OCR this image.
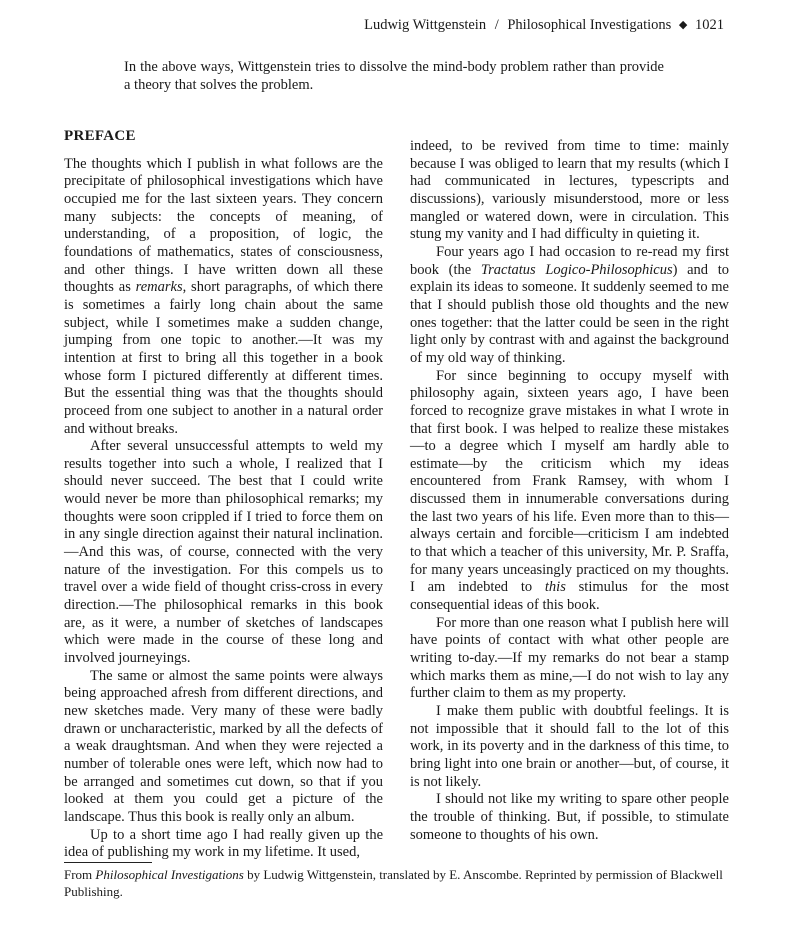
Ludwig Wittgenstein / Philosophical Investigations ◆ 1021

In the above ways, Wittgenstein tries to dissolve the mind-body problem rather than provide a theory that solves the problem.

PREFACE

The thoughts which I publish in what follows are the precipitate of philosophical investigations which have occupied me for the last sixteen years. They concern many subjects: the concepts of meaning, of understanding, of a proposition, of logic, the foundations of mathematics, states of consciousness, and other things. I have written down all these thoughts as remarks, short paragraphs, of which there is sometimes a fairly long chain about the same subject, while I sometimes make a sudden change, jumping from one topic to another.—It was my intention at first to bring all this together in a book whose form I pictured differently at different times. But the essential thing was that the thoughts should proceed from one subject to another in a natural order and without breaks.

After several unsuccessful attempts to weld my results together into such a whole, I realized that I should never succeed. The best that I could write would never be more than philosophical remarks; my thoughts were soon crippled if I tried to force them on in any single direction against their natural inclination.—And this was, of course, connected with the very nature of the investigation. For this compels us to travel over a wide field of thought criss-cross in every direction.—The philosophical remarks in this book are, as it were, a number of sketches of landscapes which were made in the course of these long and involved journeyings.

The same or almost the same points were always being approached afresh from different directions, and new sketches made. Very many of these were badly drawn or uncharacteristic, marked by all the defects of a weak draughtsman. And when they were rejected a number of tolerable ones were left, which now had to be arranged and sometimes cut down, so that if you looked at them you could get a picture of the landscape. Thus this book is really only an album.

Up to a short time ago I had really given up the idea of publishing my work in my lifetime. It used,

indeed, to be revived from time to time: mainly because I was obliged to learn that my results (which I had communicated in lectures, typescripts and discussions), variously misunderstood, more or less mangled or watered down, were in circulation. This stung my vanity and I had difficulty in quieting it.

Four years ago I had occasion to re-read my first book (the Tractatus Logico-Philosophicus) and to explain its ideas to someone. It suddenly seemed to me that I should publish those old thoughts and the new ones together: that the latter could be seen in the right light only by contrast with and against the background of my old way of thinking.

For since beginning to occupy myself with philosophy again, sixteen years ago, I have been forced to recognize grave mistakes in what I wrote in that first book. I was helped to realize these mistakes—to a degree which I myself am hardly able to estimate—by the criticism which my ideas encountered from Frank Ramsey, with whom I discussed them in innumerable conversations during the last two years of his life. Even more than to this—always certain and forcible—criticism I am indebted to that which a teacher of this university, Mr. P. Sraffa, for many years unceasingly practiced on my thoughts. I am indebted to this stimulus for the most consequential ideas of this book.

For more than one reason what I publish here will have points of contact with what other people are writing to-day.—If my remarks do not bear a stamp which marks them as mine,—I do not wish to lay any further claim to them as my property.

I make them public with doubtful feelings. It is not impossible that it should fall to the lot of this work, in its poverty and in the darkness of this time, to bring light into one brain or another—but, of course, it is not likely.

I should not like my writing to spare other people the trouble of thinking. But, if possible, to stimulate someone to thoughts of his own.

From Philosophical Investigations by Ludwig Wittgenstein, translated by E. Anscombe. Reprinted by permission of Blackwell Publishing.
